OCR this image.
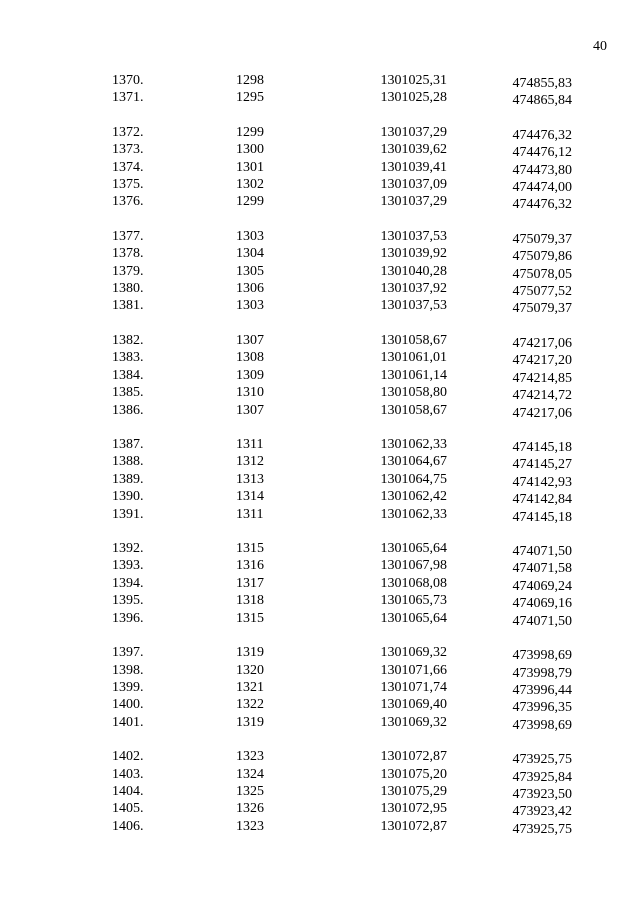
40
1370.	1298	1301025,31	474855,83
1371.	1295	1301025,28	474865,84
1372.	1299	1301037,29	474476,32
1373.	1300	1301039,62	474476,12
1374.	1301	1301039,41	474473,80
1375.	1302	1301037,09	474474,00
1376.	1299	1301037,29	474476,32
1377.	1303	1301037,53	475079,37
1378.	1304	1301039,92	475079,86
1379.	1305	1301040,28	475078,05
1380.	1306	1301037,92	475077,52
1381.	1303	1301037,53	475079,37
1382.	1307	1301058,67	474217,06
1383.	1308	1301061,01	474217,20
1384.	1309	1301061,14	474214,85
1385.	1310	1301058,80	474214,72
1386.	1307	1301058,67	474217,06
1387.	1311	1301062,33	474145,18
1388.	1312	1301064,67	474145,27
1389.	1313	1301064,75	474142,93
1390.	1314	1301062,42	474142,84
1391.	1311	1301062,33	474145,18
1392.	1315	1301065,64	474071,50
1393.	1316	1301067,98	474071,58
1394.	1317	1301068,08	474069,24
1395.	1318	1301065,73	474069,16
1396.	1315	1301065,64	474071,50
1397.	1319	1301069,32	473998,69
1398.	1320	1301071,66	473998,79
1399.	1321	1301071,74	473996,44
1400.	1322	1301069,40	473996,35
1401.	1319	1301069,32	473998,69
1402.	1323	1301072,87	473925,75
1403.	1324	1301075,20	473925,84
1404.	1325	1301075,29	473923,50
1405.	1326	1301072,95	473923,42
1406.	1323	1301072,87	473925,75
